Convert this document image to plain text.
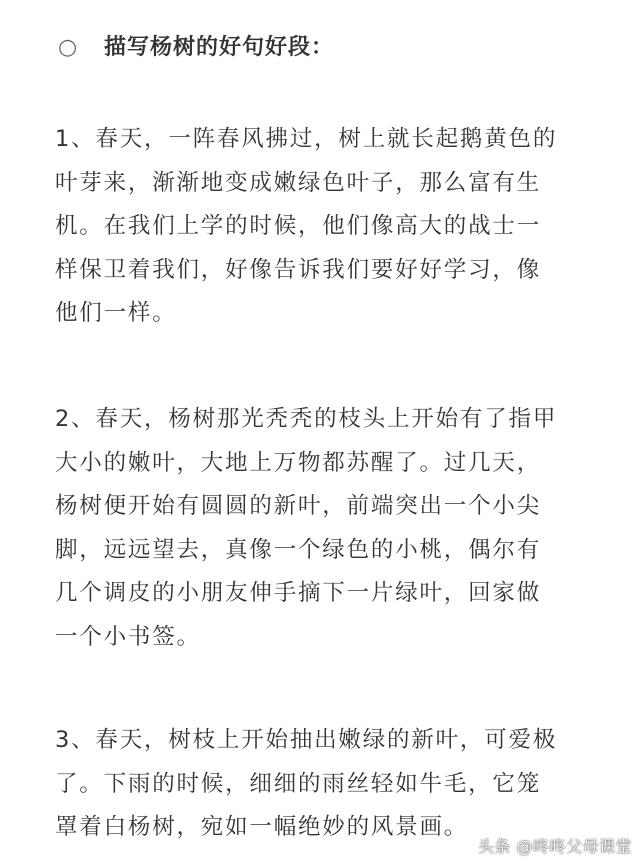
○	描写杨树的好句好段：

1、春天，一阵春风拂过，树上就长起鹅黄色的
叶芽来，渐渐地变成嫩绿色叶子，那么富有生
机。在我们上学的时候，他们像高大的战士一
样保卫着我们，好像告诉我们要好好学习，像
他们一样。

2、春天，杨树那光秃秃的枝头上开始有了指甲
大小的嫩叶，大地上万物都苏醒了。过几天，
杨树便开始有圆圆的新叶，前端突出一个小尖
脚，远远望去，真像一个绿色的小桃，偶尔有
几个调皮的小朋友伸手摘下一片绿叶，回家做
一个小书签。

3、春天，树枝上开始抽出嫩绿的新叶，可爱极
了。下雨的时候，细细的雨丝轻如牛毛，它笼
罩着白杨树，宛如一幅绝妙的风景画。

头条 @咚咚父母课堂
